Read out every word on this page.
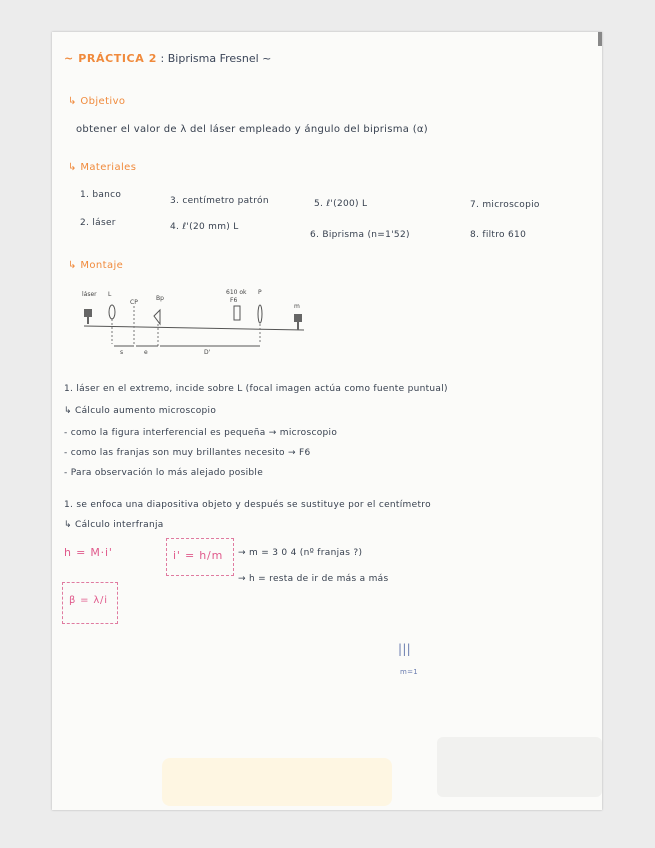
~ PRÁCTICA 2 : Biprisma Fresnel ~
↳ Objetivo
obtener el valor de λ del láser empleado y ángulo del biprisma (α)
↳ Materiales
1. banco
2. láser
3. centímetro patrón
4. ℓ'(20 mm) L
5. ℓ'(200) L
6. Biprisma (n=1'52)
7. microscopio
8. filtro 610
↳ Montaje
láser L
CP
Bp
610 ok
F6
P
m
s	e	D'
1. láser en el extremo, incide sobre L (focal imagen actúa como fuente puntual)
↳ Cálculo aumento microscopio
- como la figura interferencial es pequeña → microscopio
- como las franjas son muy brillantes necesito → F6
- Para observación lo más alejado posible
1. se enfoca una diapositiva objeto y después se sustituye por el centímetro
↳ Cálculo interfranja
h = M·i'	i' = h/m → m = 3 0 4 (nº franjas ?)
→ h = resta de ir de más a más
β = λ/i
|||
m=1
